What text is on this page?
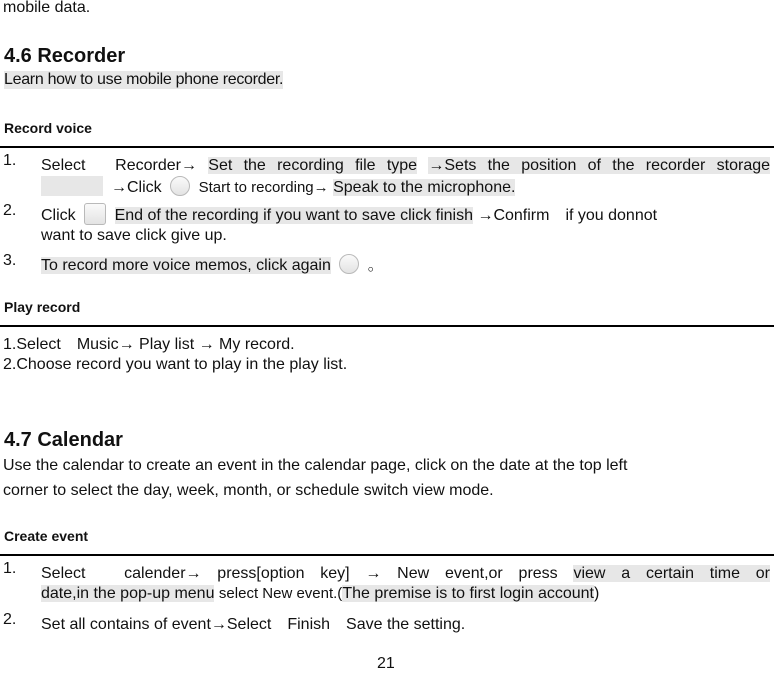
mobile data.
4.6 Recorder
Learn how to use mobile phone recorder.
Record voice
1. Select　Recorder→ Set the recording file type →Sets the position of the recorder storage
→Click Start to recording→ Speak to the microphone.
2. Click End of the recording if you want to save click finish →Confirm　if you donnot
want to save click give up.
3. To record more voice memos, click again 。
Play record
1.Select　Music→ Play list → My record.
2.Choose record you want to play in the play list.
4.7 Calendar
Use the calendar to create an event in the calendar page, click on the date at the top left
corner to select the day, week, month, or schedule switch view mode.
Create event
1. Select　calender→ press[option key] → New event,or press view a certain time or
date,in the pop-up menu select New event.(The premise is to first login account)
2. Set all contains of event→Select　Finish　Save the setting.
21
